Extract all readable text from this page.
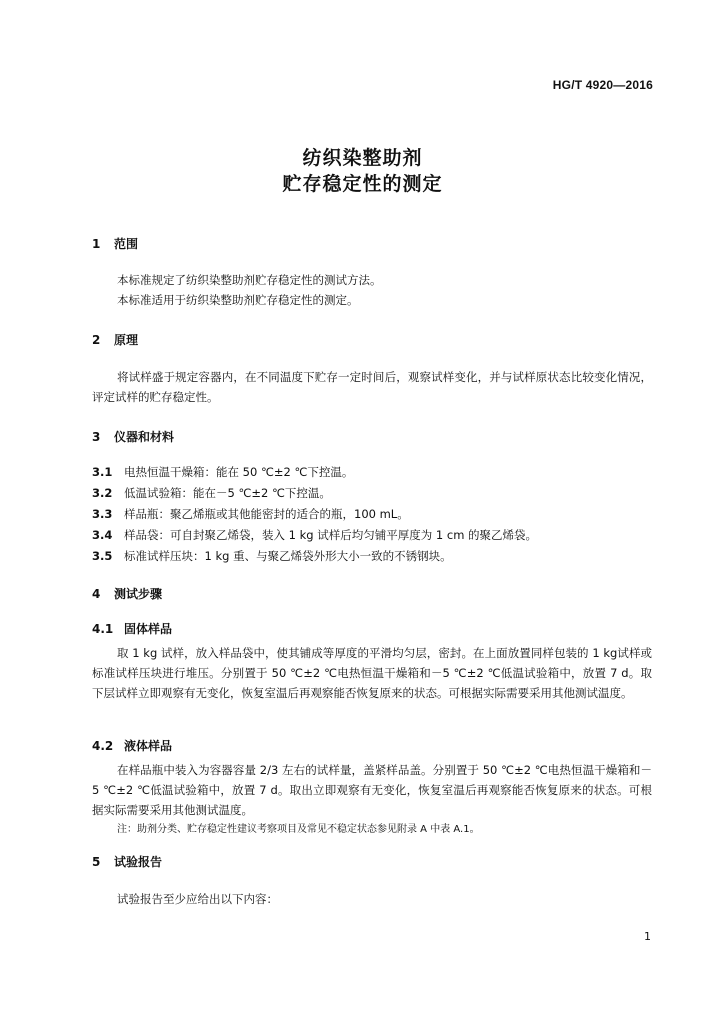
HG/T 4920—2016
纺织染整助剂
贮存稳定性的测定
1 范围
本标准规定了纺织染整助剂贮存稳定性的测试方法。
本标准适用于纺织染整助剂贮存稳定性的测定。
2 原理
将试样盛于规定容器内，在不同温度下贮存一定时间后，观察试样变化，并与试样原状态比较变化情况，评定试样的贮存稳定性。
3 仪器和材料
3.1 电热恒温干燥箱：能在 50 ℃±2 ℃下控温。
3.2 低温试验箱：能在－5 ℃±2 ℃下控温。
3.3 样品瓶：聚乙烯瓶或其他能密封的适合的瓶，100 mL。
3.4 样品袋：可自封聚乙烯袋，装入 1 kg 试样后均匀铺平厚度为 1 cm 的聚乙烯袋。
3.5 标准试样压块：1 kg 重、与聚乙烯袋外形大小一致的不锈钢块。
4 测试步骤
4.1 固体样品
取 1 kg 试样，放入样品袋中，使其铺成等厚度的平滑均匀层，密封。在上面放置同样包装的 1 kg试样或标准试样压块进行堆压。分别置于 50 ℃±2 ℃电热恒温干燥箱和－5 ℃±2 ℃低温试验箱中，放置 7 d。取下层试样立即观察有无变化，恢复室温后再观察能否恢复原来的状态。可根据实际需要采用其他测试温度。
4.2 液体样品
在样品瓶中装入为容器容量 2/3 左右的试样量，盖紧样品盖。分别置于 50 ℃±2 ℃电热恒温干燥箱和－5 ℃±2 ℃低温试验箱中，放置 7 d。取出立即观察有无变化，恢复室温后再观察能否恢复原来的状态。可根据实际需要采用其他测试温度。
注：助剂分类、贮存稳定性建议考察项目及常见不稳定状态参见附录 A 中表 A.1。
5 试验报告
试验报告至少应给出以下内容：
1
